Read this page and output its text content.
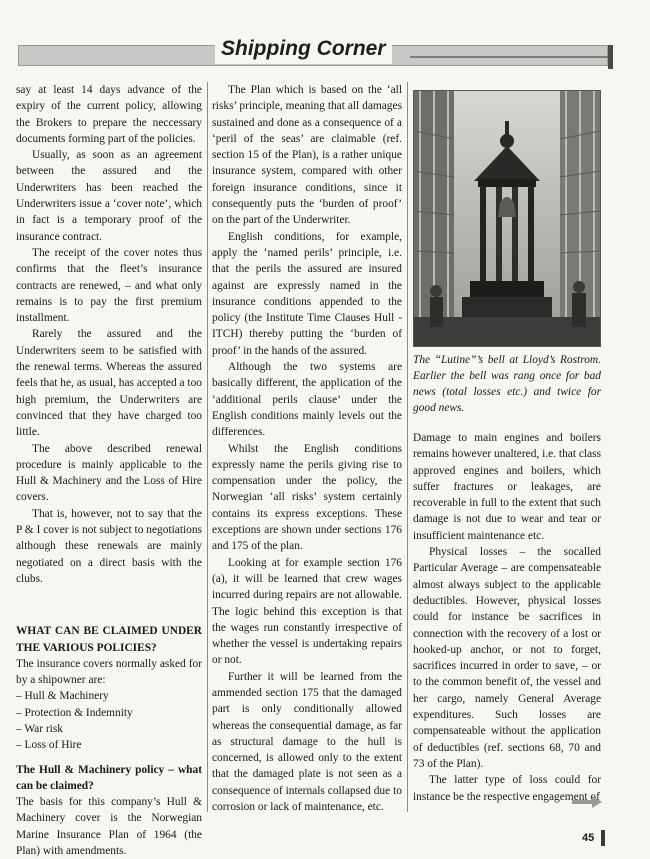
Shipping Corner

say at least 14 days advance of the expiry of the current policy, allowing the Brokers to prepare the neccessary documents forming part of the policies.

Usually, as soon as an agreement between the assured and the Underwriters has been reached the Underwriters issue a ‘cover note’, which in fact is a temporary proof of the insurance contract.

The receipt of the cover notes thus confirms that the fleet’s insurance contracts are renewed, – and what only remains is to pay the first premium installment.

Rarely the assured and the Underwriters seem to be satisfied with the renewal terms. Whereas the assured feels that he, as usual, has accepted a too high premium, the Underwriters are convinced that they have charged too little.

The above described renewal procedure is mainly applicable to the Hull & Machinery and the Loss of Hire covers.

That is, however, not to say that the P & I cover is not subject to negotiations although these renewals are mainly negotiated on a direct basis with the clubs.

WHAT CAN BE CLAIMED UNDER THE VARIOUS POLICIES?

The insurance covers normally asked for by a shipowner are:

– Hull & Machinery
– Protection & Indemnity
– War risk
– Loss of Hire

The Hull & Machinery policy – what can be claimed?

The basis for this company’s Hull & Machinery cover is the Norwegian Marine Insurance Plan of 1964 (the Plan) with amendments.

The Plan which is based on the ‘all risks’ principle, meaning that all damages sustained and done as a consequence of a ‘peril of the seas’ are claimable (ref. section 15 of the Plan), is a rather unique insurance system, compared with other foreign insurance conditions, since it consequently puts the ‘burden of proof’ on the part of the Underwriter.

English conditions, for example, apply the ‘named perils’ principle, i.e. that the perils the assured are insured against are expressly named in the insurance conditions appended to the policy (the Institute Time Clauses Hull - ITCH) thereby putting the ‘burden of proof’ in the hands of the assured.

Although the two systems are basically different, the application of the ‘additional perils clause’ under the English conditions mainly levels out the differences.

Whilst the English conditions expressly name the perils giving rise to compensation under the policy, the Norwegian ‘all risks’ system certainly contains its express exceptions. These exceptions are shown under sections 176 and 175 of the plan.

Looking at for example section 176 (a), it will be learned that crew wages incurred during repairs are not allowable. The logic behind this exception is that the wages run constantly irrespective of whether the vessel is undertaking repairs or not.

Further it will be learned from the ammended section 175 that the damaged part is only conditionally allowed whereas the consequential damage, as far as structural damage to the hull is concerned, is allowed only to the extent that the damaged plate is not seen as a consequence of internals collapsed due to corrosion or lack of maintenance, etc.

The “Lutine”’s bell at Lloyd’s Rostrom. Earlier the bell was rang once for bad news (total losses etc.) and twice for good news.

Damage to main engines and boilers remains however unaltered, i.e. that class approved engines and boilers, which suffer fractures or leakages, are recoverable in full to the extent that such damage is not due to wear and tear or insufficient maintenance etc.

Physical losses – the socalled Particular Average – are compensateable almost always subject to the applicable deductibles. However, physical losses could for instance be sacrifices in connection with the recovery of a lost or hooked-up anchor, or not to forget, sacrifices incurred in order to save, – or to the common benefit of, the vessel and her cargo, namely General Average expenditures. Such losses are compensateable without the application of deductibles (ref. sections 68, 70 and 73 of the Plan).

The latter type of loss could for instance be the respective engagement of

45
